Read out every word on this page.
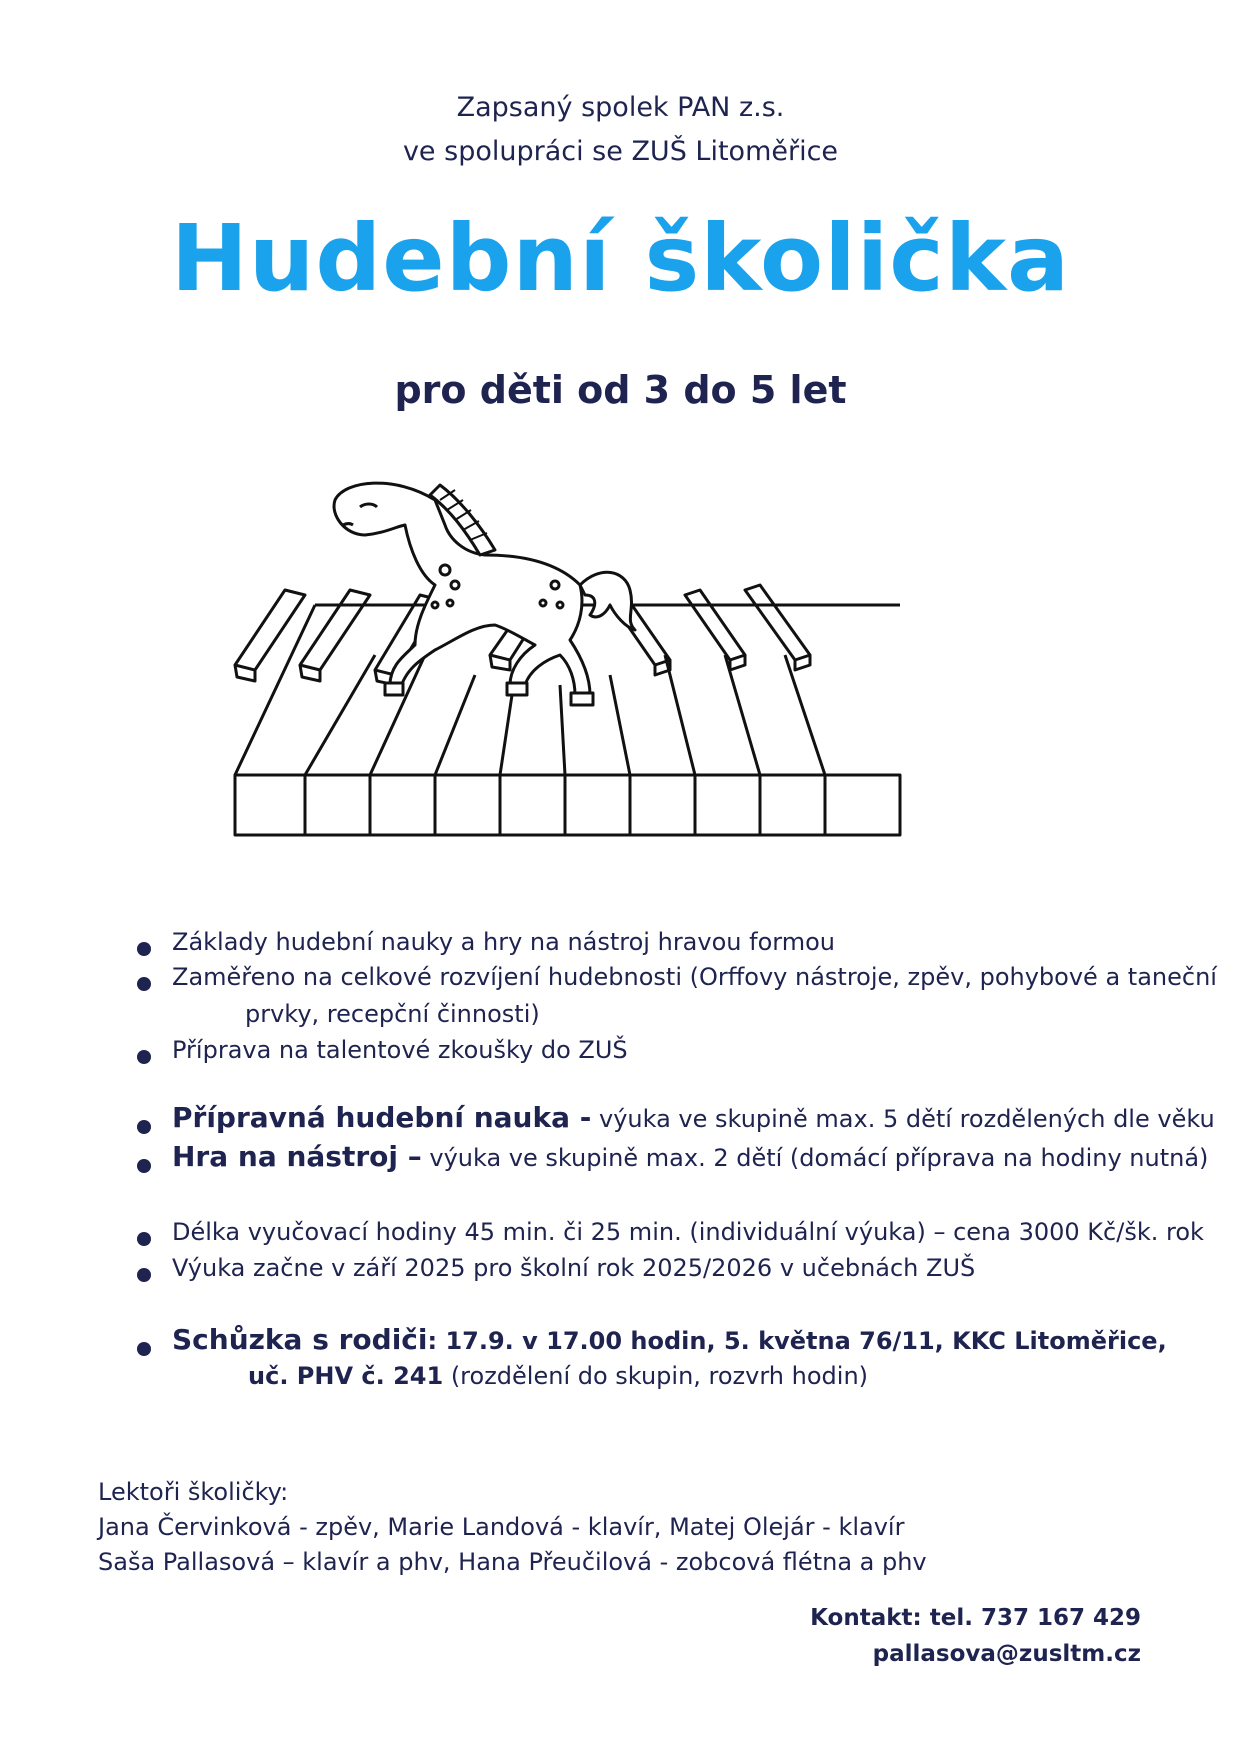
Zapsaný spolek PAN z.s.
ve spolupráci se ZUŠ Litoměřice
Hudební školička
pro děti od 3 do 5 let
Základy hudební nauky a hry na nástroj hravou formou
Zaměřeno na celkové rozvíjení hudebnosti (Orffovy nástroje, zpěv, pohybové a taneční
prvky, recepční činnosti)
Příprava na talentové zkoušky do ZUŠ
Přípravná hudební nauka - výuka ve skupině max. 5 dětí rozdělených dle věku
Hra na nástroj – výuka ve skupině max. 2 dětí (domácí příprava na hodiny nutná)
Délka vyučovací hodiny 45 min. či 25 min. (individuální výuka) – cena 3000 Kč/šk. rok
Výuka začne v září 2025 pro školní rok 2025/2026 v učebnách ZUŠ
Schůzka s rodiči: 17.9. v 17.00 hodin, 5. května 76/11, KKC Litoměřice,
uč. PHV č. 241 (rozdělení do skupin, rozvrh hodin)
Lektoři školičky:
Jana Červinková - zpěv, Marie Landová - klavír, Matej Olejár - klavír
Saša Pallasová – klavír a phv, Hana Přeučilová - zobcová flétna a phv
Kontakt: tel. 737 167 429
pallasova@zusltm.cz
